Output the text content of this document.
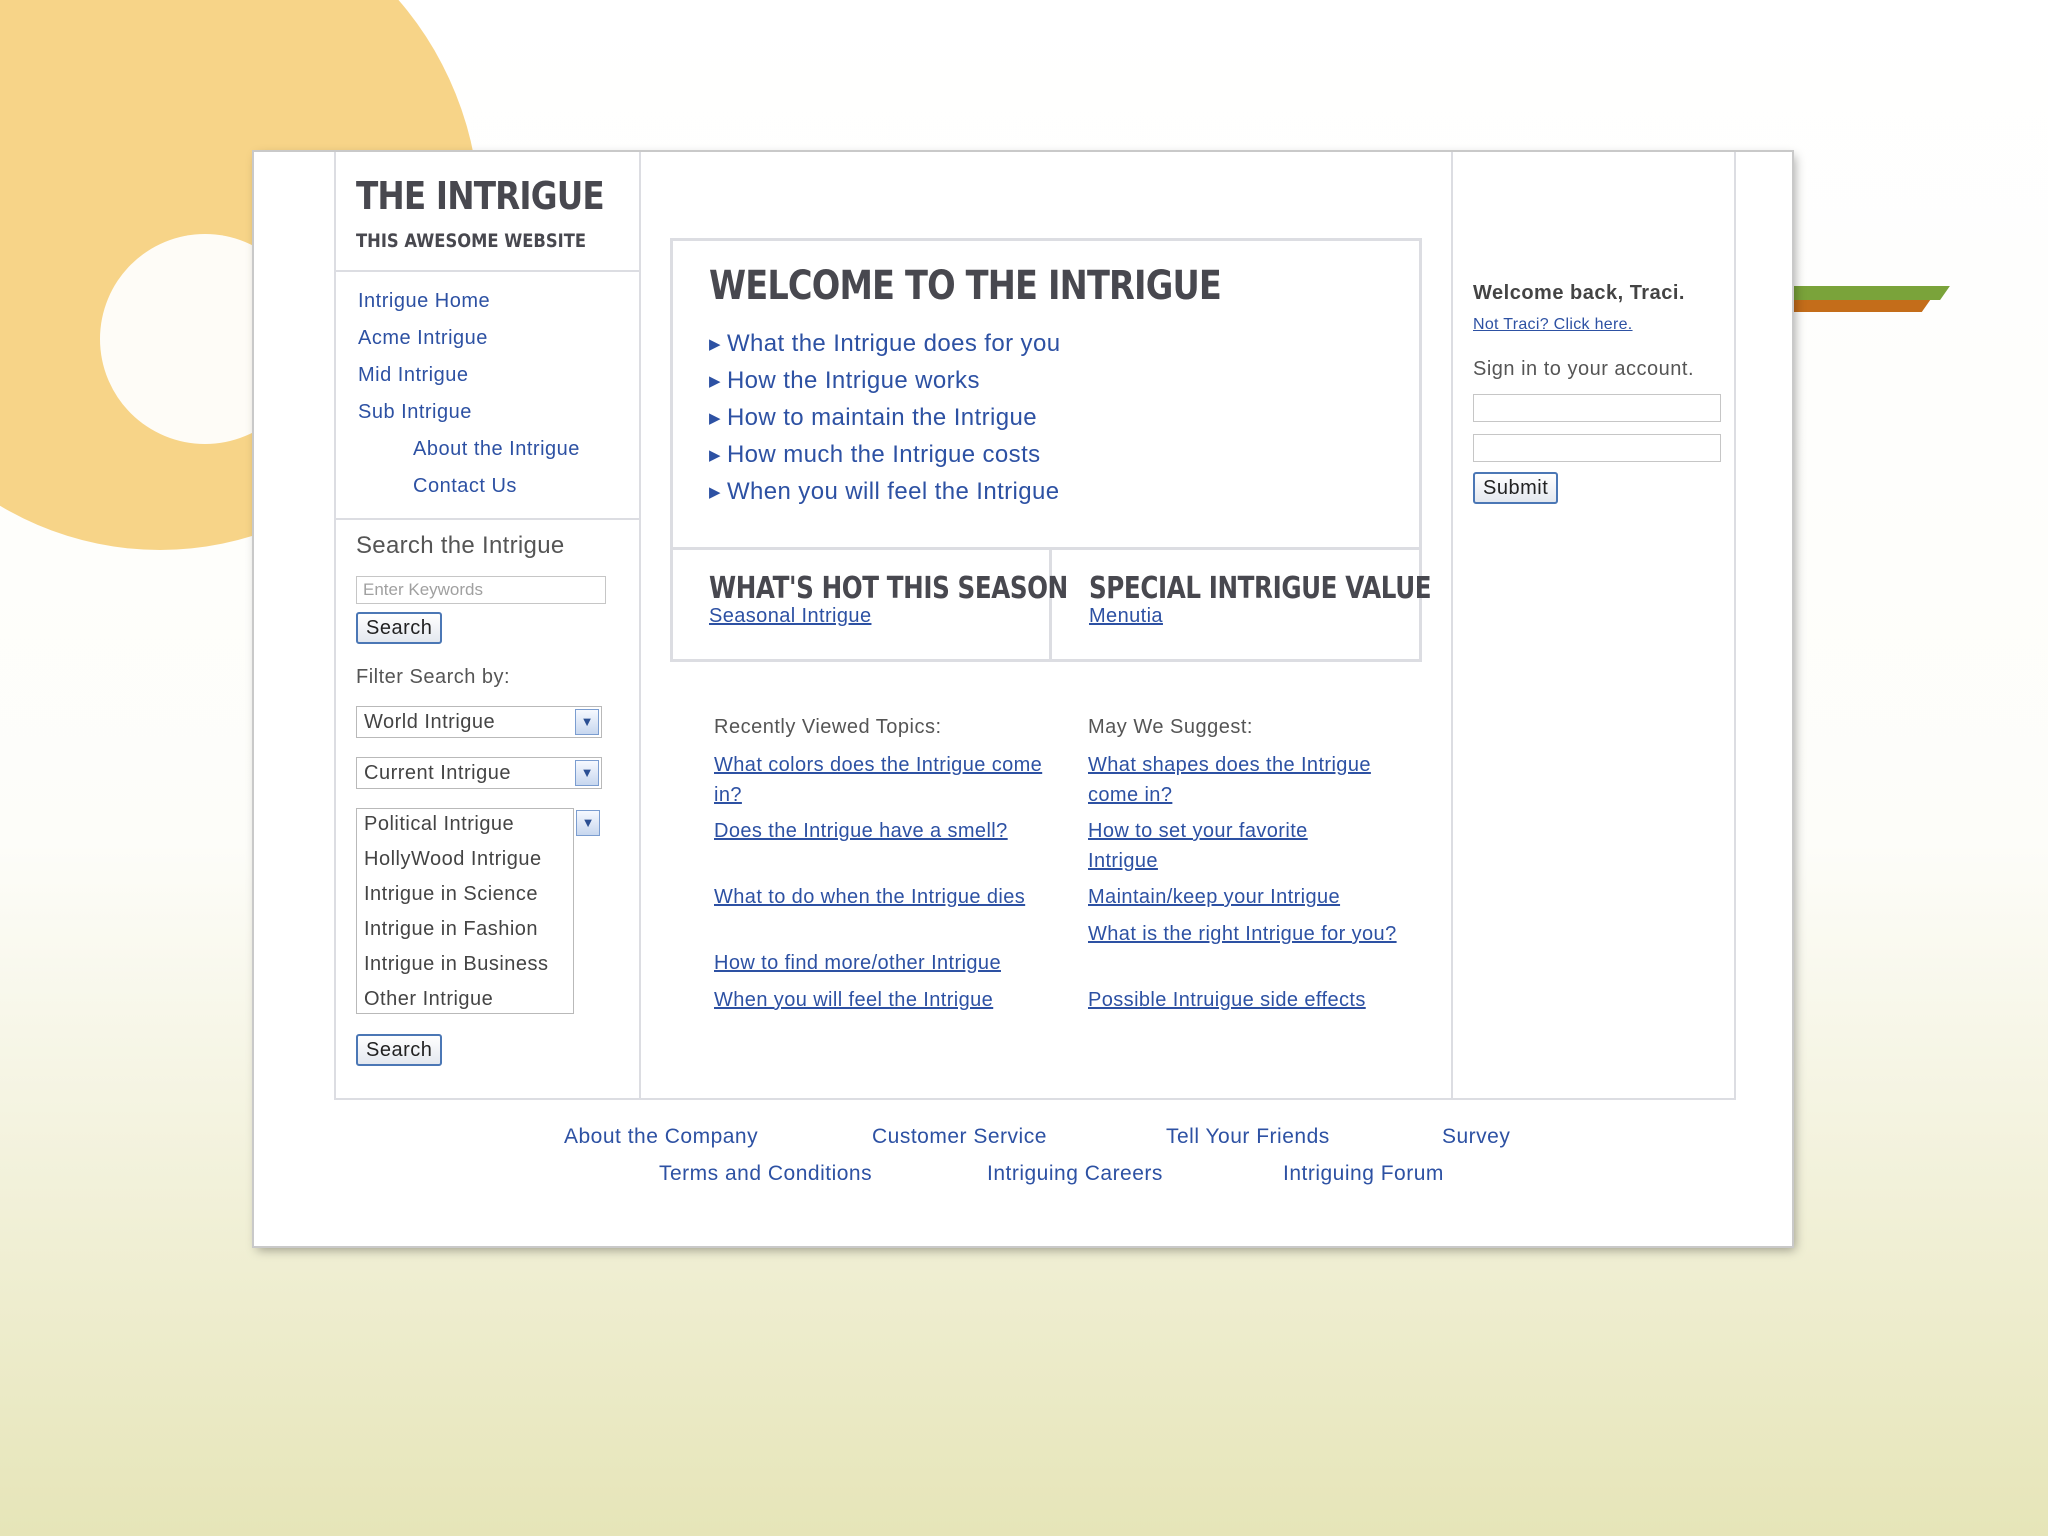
THE INTRIGUE
THIS AWESOME WEBSITE
Intrigue Home
Acme Intrigue
Mid Intrigue
Sub Intrigue
About the Intrigue
Contact Us
Search the Intrigue
Enter Keywords
Search
Filter Search by:
World Intrigue	▼
Current Intrigue	▼
Political Intrigue
HollyWood Intrigue
Intrigue in Science
Intrigue in Fashion
Intrigue in Business
Other Intrigue
▼
Search
WELCOME TO THE INTRIGUE
▶ What the Intrigue does for you
▶ How the Intrigue works
▶ How to maintain the Intrigue
▶ How much the Intrigue costs
▶ When you will feel the Intrigue
WHAT'S HOT THIS SEASON
Seasonal Intrigue
SPECIAL INTRIGUE VALUE
Menutia
Recently Viewed Topics:
What colors does the Intrigue come in?
Does the Intrigue have a smell?
What to do when the Intrigue dies
How to find more/other Intrigue
When you will feel the Intrigue
May We Suggest:
What shapes does the Intrigue come in?
How to set your favorite Intrigue
Maintain/keep your Intrigue
What is the right Intrigue for you?
Possible Intruigue side effects
Welcome back, Traci.
Not Traci? Click here.
Sign in to your account.
Submit
About the Company	Customer Service	Tell Your Friends	Survey
Terms and Conditions	Intriguing Careers	Intriguing Forum
